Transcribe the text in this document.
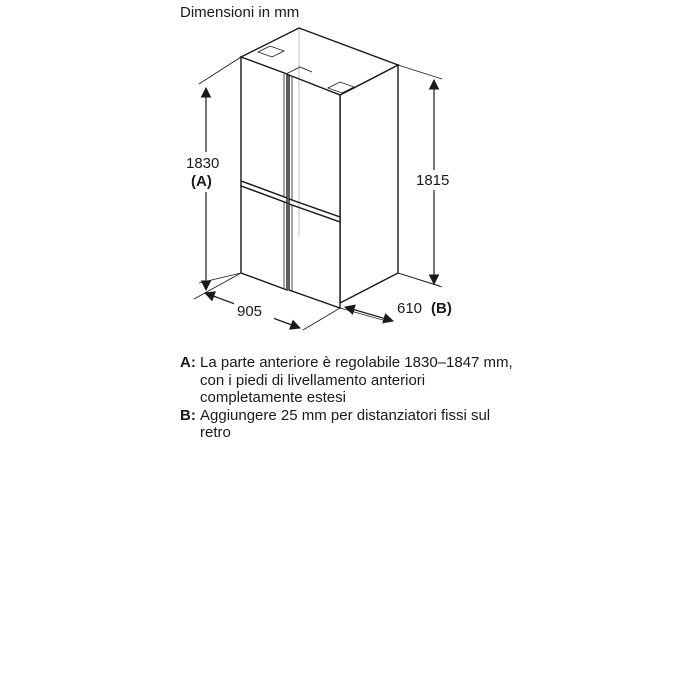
Dimensioni in mm
1830
(A)	1815
905	610 (B)
A: La parte anteriore è regolabile 1830–1847 mm, con i piedi di livellamento anteriori completamente estesi
B: Aggiungere 25 mm per distanziatori fissi sul retro
